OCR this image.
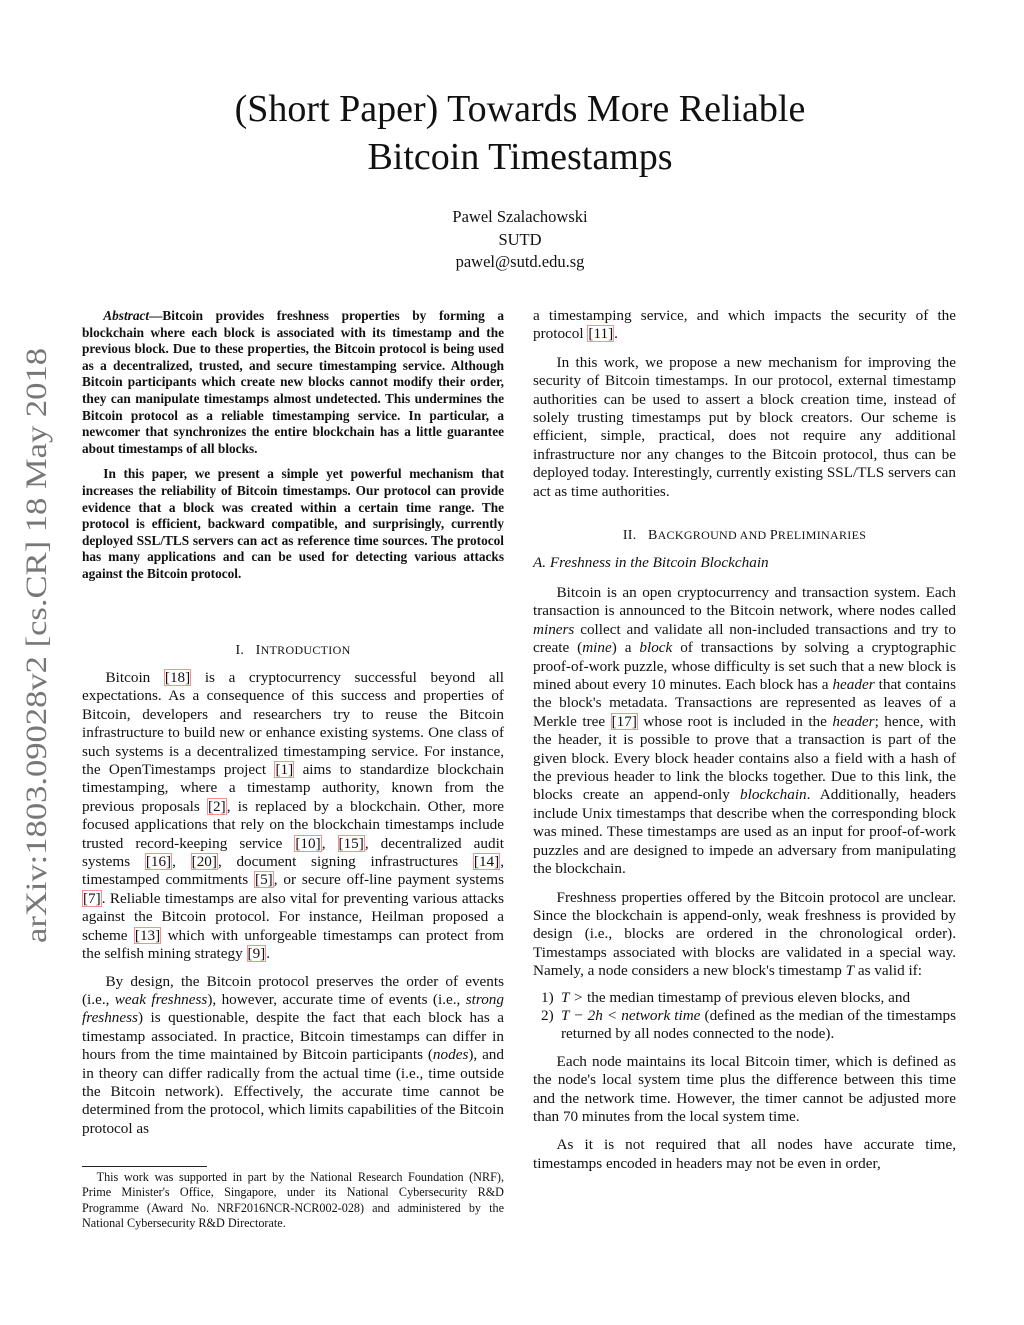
arXiv:1803.09028v2 [cs.CR] 18 May 2018
(Short Paper) Towards More Reliable
Bitcoin Timestamps
Pawel Szalachowski
SUTD
pawel@sutd.edu.sg

Abstract—Bitcoin provides freshness properties by forming a blockchain where each block is associated with its timestamp and the previous block. Due to these properties, the Bitcoin protocol is being used as a decentralized, trusted, and secure timestamping service. Although Bitcoin participants which create new blocks cannot modify their order, they can manipulate timestamps almost undetected. This undermines the Bitcoin protocol as a reliable timestamping service. In particular, a newcomer that synchronizes the entire blockchain has a little guarantee about timestamps of all blocks.

In this paper, we present a simple yet powerful mechanism that increases the reliability of Bitcoin timestamps. Our protocol can provide evidence that a block was created within a certain time range. The protocol is efficient, backward compatible, and surprisingly, currently deployed SSL/TLS servers can act as reference time sources. The protocol has many applications and can be used for detecting various attacks against the Bitcoin protocol.

I. INTRODUCTION

Bitcoin [18] is a cryptocurrency successful beyond all expectations. As a consequence of this success and properties of Bitcoin, developers and researchers try to reuse the Bitcoin infrastructure to build new or enhance existing systems. One class of such systems is a decentralized timestamping service. For instance, the OpenTimestamps project [1] aims to standardize blockchain timestamping, where a timestamp authority, known from the previous proposals [2], is replaced by a blockchain. Other, more focused applications that rely on the blockchain timestamps include trusted record-keeping service [10], [15], decentralized audit systems [16], [20], document signing infrastructures [14], timestamped commitments [5], or secure off-line payment systems [7]. Reliable timestamps are also vital for preventing various attacks against the Bitcoin protocol. For instance, Heilman proposed a scheme [13] which with unforgeable timestamps can protect from the selfish mining strategy [9].

By design, the Bitcoin protocol preserves the order of events (i.e., weak freshness), however, accurate time of events (i.e., strong freshness) is questionable, despite the fact that each block has a timestamp associated. In practice, Bitcoin timestamps can differ in hours from the time maintained by Bitcoin participants (nodes), and in theory can differ radically from the actual time (i.e., time outside the Bitcoin network). Effectively, the accurate time cannot be determined from the protocol, which limits capabilities of the Bitcoin protocol as

This work was supported in part by the National Research Foundation (NRF), Prime Minister's Office, Singapore, under its National Cybersecurity R&D Programme (Award No. NRF2016NCR-NCR002-028) and administered by the National Cybersecurity R&D Directorate.

a timestamping service, and which impacts the security of the protocol [11].

In this work, we propose a new mechanism for improving the security of Bitcoin timestamps. In our protocol, external timestamp authorities can be used to assert a block creation time, instead of solely trusting timestamps put by block creators. Our scheme is efficient, simple, practical, does not require any additional infrastructure nor any changes to the Bitcoin protocol, thus can be deployed today. Interestingly, currently existing SSL/TLS servers can act as time authorities.

II. BACKGROUND AND PRELIMINARIES
A. Freshness in the Bitcoin Blockchain

Bitcoin is an open cryptocurrency and transaction system. Each transaction is announced to the Bitcoin network, where nodes called miners collect and validate all non-included transactions and try to create (mine) a block of transactions by solving a cryptographic proof-of-work puzzle, whose difficulty is set such that a new block is mined about every 10 minutes. Each block has a header that contains the block's metadata. Transactions are represented as leaves of a Merkle tree [17] whose root is included in the header; hence, with the header, it is possible to prove that a transaction is part of the given block. Every block header contains also a field with a hash of the previous header to link the blocks together. Due to this link, the blocks create an append-only blockchain. Additionally, headers include Unix timestamps that describe when the corresponding block was mined. These timestamps are used as an input for proof-of-work puzzles and are designed to impede an adversary from manipulating the blockchain.

Freshness properties offered by the Bitcoin protocol are unclear. Since the blockchain is append-only, weak freshness is provided by design (i.e., blocks are ordered in the chronological order). Timestamps associated with blocks are validated in a special way. Namely, a node considers a new block's timestamp T as valid if:

1) T > the median timestamp of previous eleven blocks, and
2) T − 2h < network time (defined as the median of the timestamps returned by all nodes connected to the node).

Each node maintains its local Bitcoin timer, which is defined as the node's local system time plus the difference between this time and the network time. However, the timer cannot be adjusted more than 70 minutes from the local system time.

As it is not required that all nodes have accurate time, timestamps encoded in headers may not be even in order,
